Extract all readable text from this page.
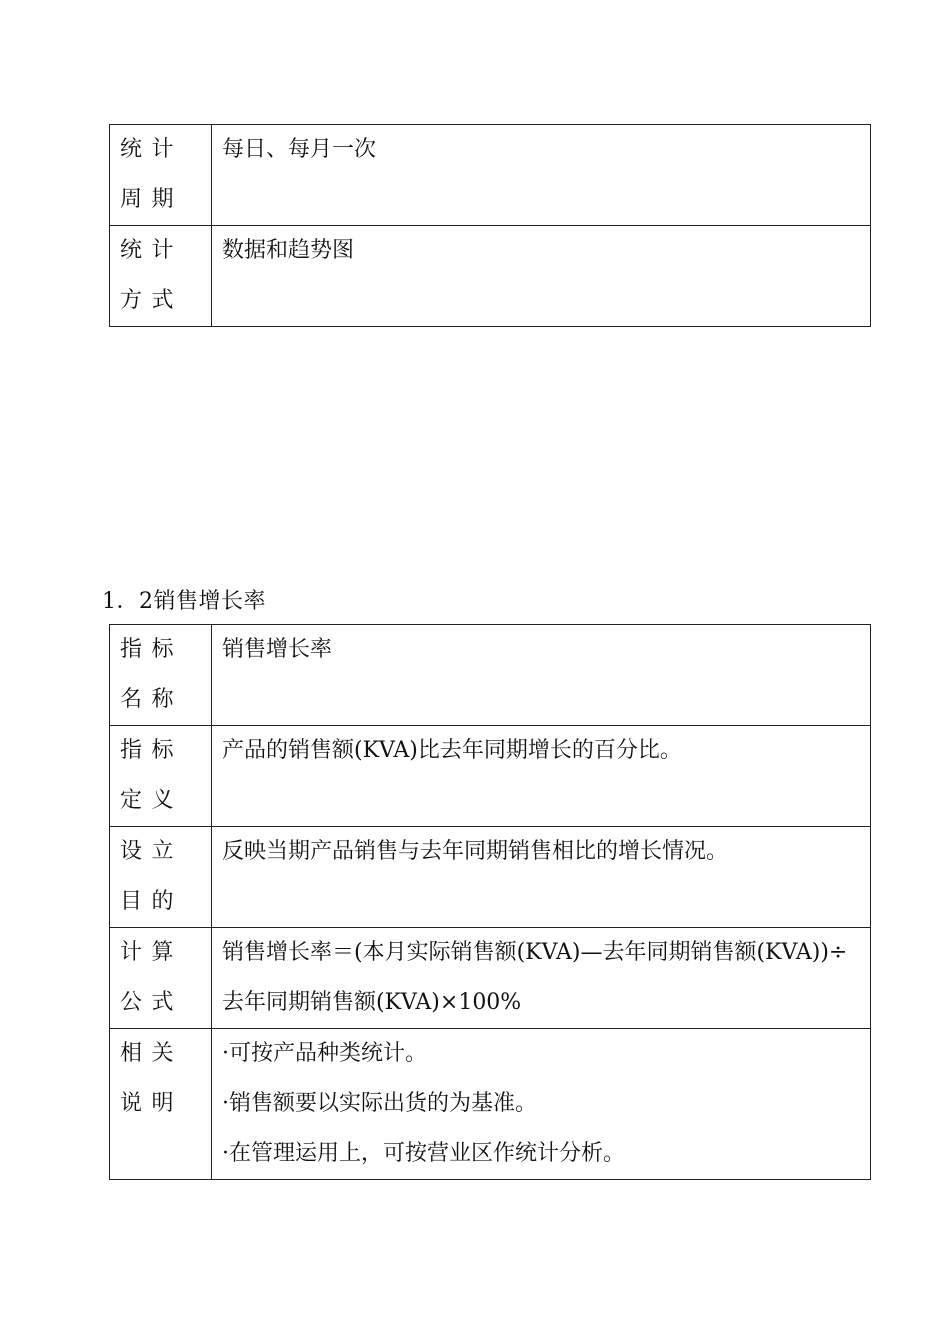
统计周期	每日、每月一次

统计方式	数据和趋势图
1．2销售增长率
指标名称	销售增长率

指标定义	产品的销售额(KVA)比去年同期增长的百分比。

设立目的	反映当期产品销售与去年同期销售相比的增长情况。

计算公式	销售增长率＝(本月实际销售额(KVA)—去年同期销售额(KVA))÷去年同期销售额(KVA)×100%

相关说明	·可按产品种类统计。
·销售额要以实际出货的为基准。
·在管理运用上，可按营业区作统计分析。
